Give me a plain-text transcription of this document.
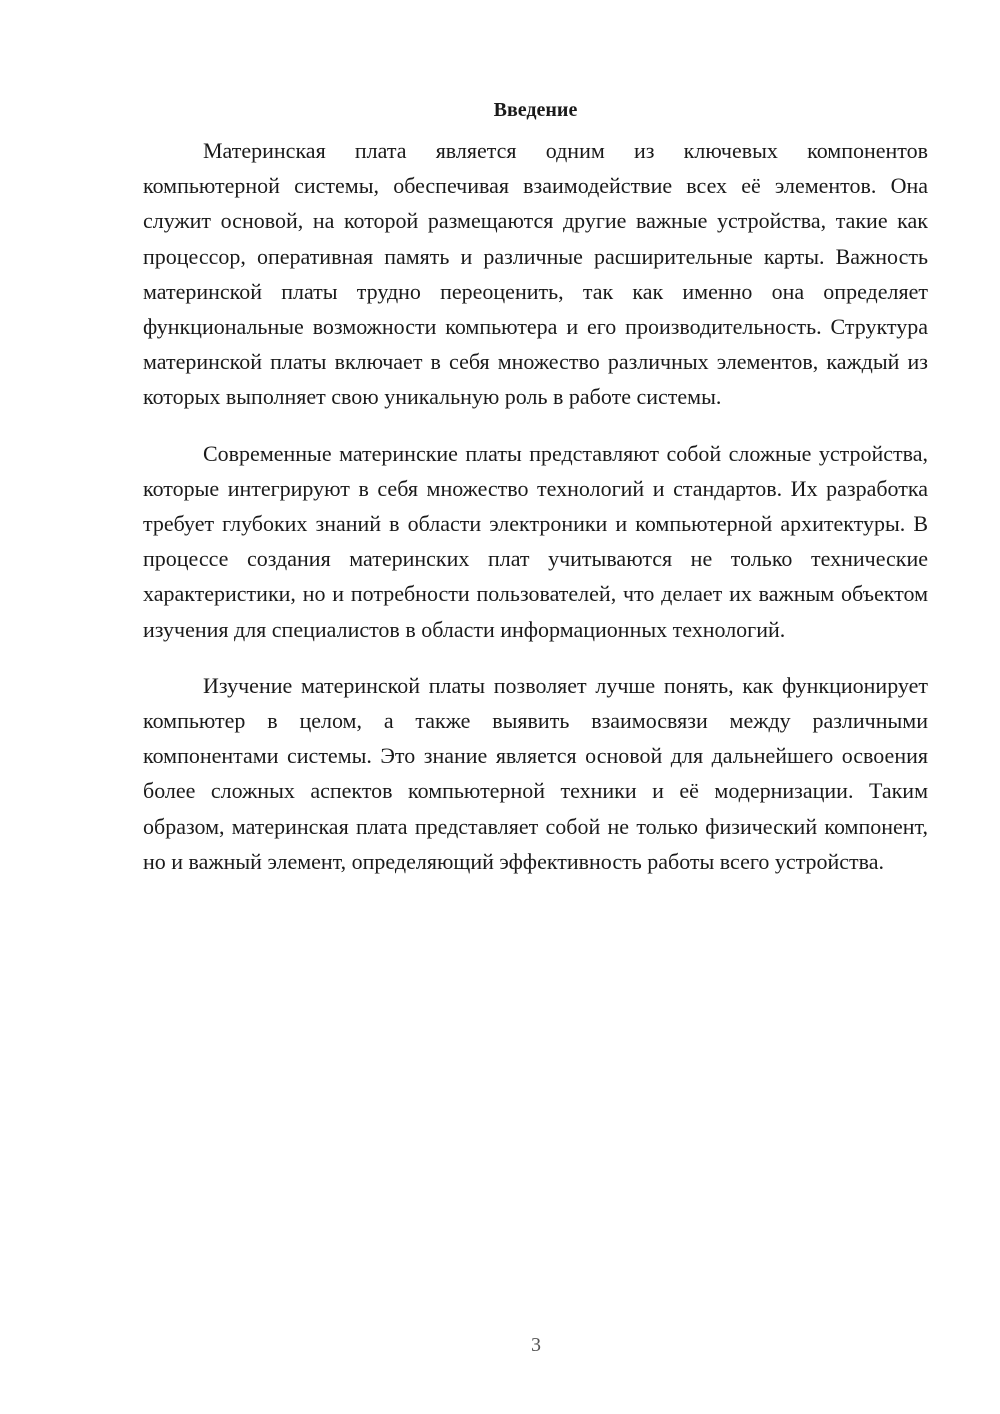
Введение

Материнская плата является одним из ключевых компонентов компьютерной системы, обеспечивая взаимодействие всех её элементов. Она служит основой, на которой размещаются другие важные устройства, такие как процессор, оперативная память и различные расширительные карты. Важность материнской платы трудно переоценить, так как именно она определяет функциональные возможности компьютера и его производительность. Структура материнской платы включает в себя множество различных элементов, каждый из которых выполняет свою уникальную роль в работе системы.

Современные материнские платы представляют собой сложные устройства, которые интегрируют в себя множество технологий и стандартов. Их разработка требует глубоких знаний в области электроники и компьютерной архитектуры. В процессе создания материнских плат учитываются не только технические характеристики, но и потребности пользователей, что делает их важным объектом изучения для специалистов в области информационных технологий.

Изучение материнской платы позволяет лучше понять, как функционирует компьютер в целом, а также выявить взаимосвязи между различными компонентами системы. Это знание является основой для дальнейшего освоения более сложных аспектов компьютерной техники и её модернизации. Таким образом, материнская плата представляет собой не только физический компонент, но и важный элемент, определяющий эффективность работы всего устройства.

3
